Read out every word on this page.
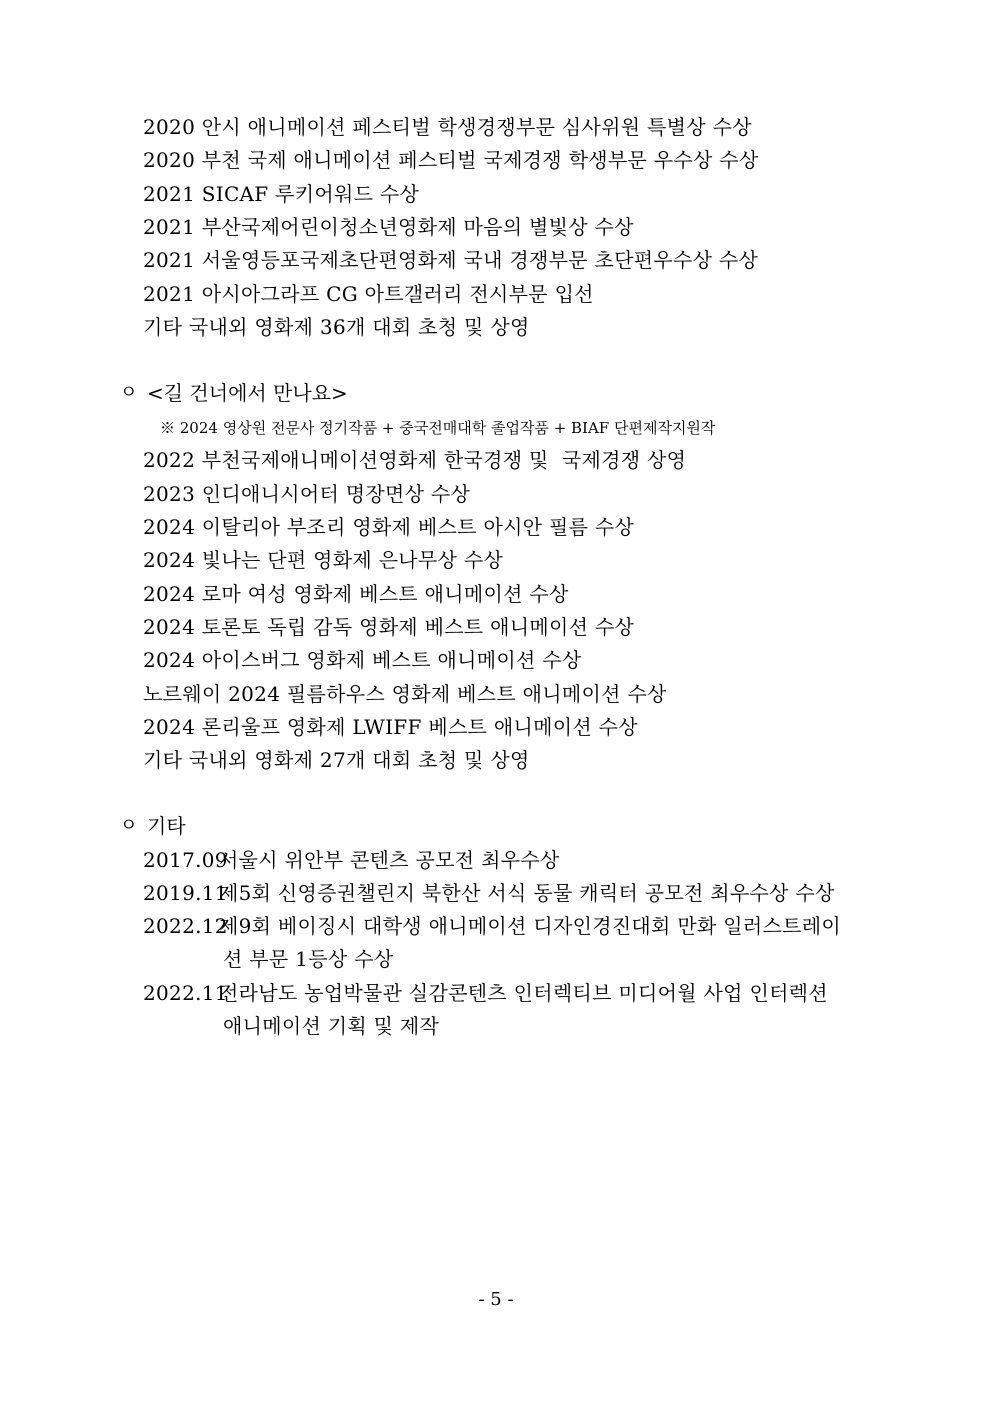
2020 안시 애니메이션 페스티벌 학생경쟁부문 심사위원 특별상 수상
2020 부천 국제 애니메이션 페스티벌 국제경쟁 학생부문 우수상 수상
2021 SICAF 루키어워드 수상
2021 부산국제어린이청소년영화제 마음의 별빛상 수상
2021 서울영등포국제초단편영화제 국내 경쟁부문 초단편우수상 수상
2021 아시아그라프 CG 아트갤러리 전시부문 입선
기타 국내외 영화제 36개 대회 초청 및 상영
ㅇ <길 건너에서 만나요>
※ 2024 영상원 전문사 정기작품 + 중국전매대학 졸업작품 + BIAF 단편제작지원작
2022 부천국제애니메이션영화제 한국경쟁 및  국제경쟁 상영
2023 인디애니시어터 명장면상 수상
2024 이탈리아 부조리 영화제 베스트 아시안 필름 수상
2024 빛나는 단편 영화제 은나무상 수상
2024 로마 여성 영화제 베스트 애니메이션 수상
2024 토론토 독립 감독 영화제 베스트 애니메이션 수상
2024 아이스버그 영화제 베스트 애니메이션 수상
노르웨이 2024 필름하우스 영화제 베스트 애니메이션 수상
2024 론리울프 영화제 LWIFF 베스트 애니메이션 수상
기타 국내외 영화제 27개 대회 초청 및 상영
ㅇ 기타
2017.09
서울시 위안부 콘텐츠 공모전 최우수상
2019.11
제5회 신영증권챌린지 북한산 서식 동물 캐릭터 공모전 최우수상 수상
2022.12
제9회 베이징시 대학생 애니메이션 디자인경진대회 만화 일러스트레이
션 부문 1등상 수상
2022.11
전라남도 농업박물관 실감콘텐츠 인터렉티브 미디어월 사업 인터렉션
애니메이션 기획 및 제작
- 5 -
